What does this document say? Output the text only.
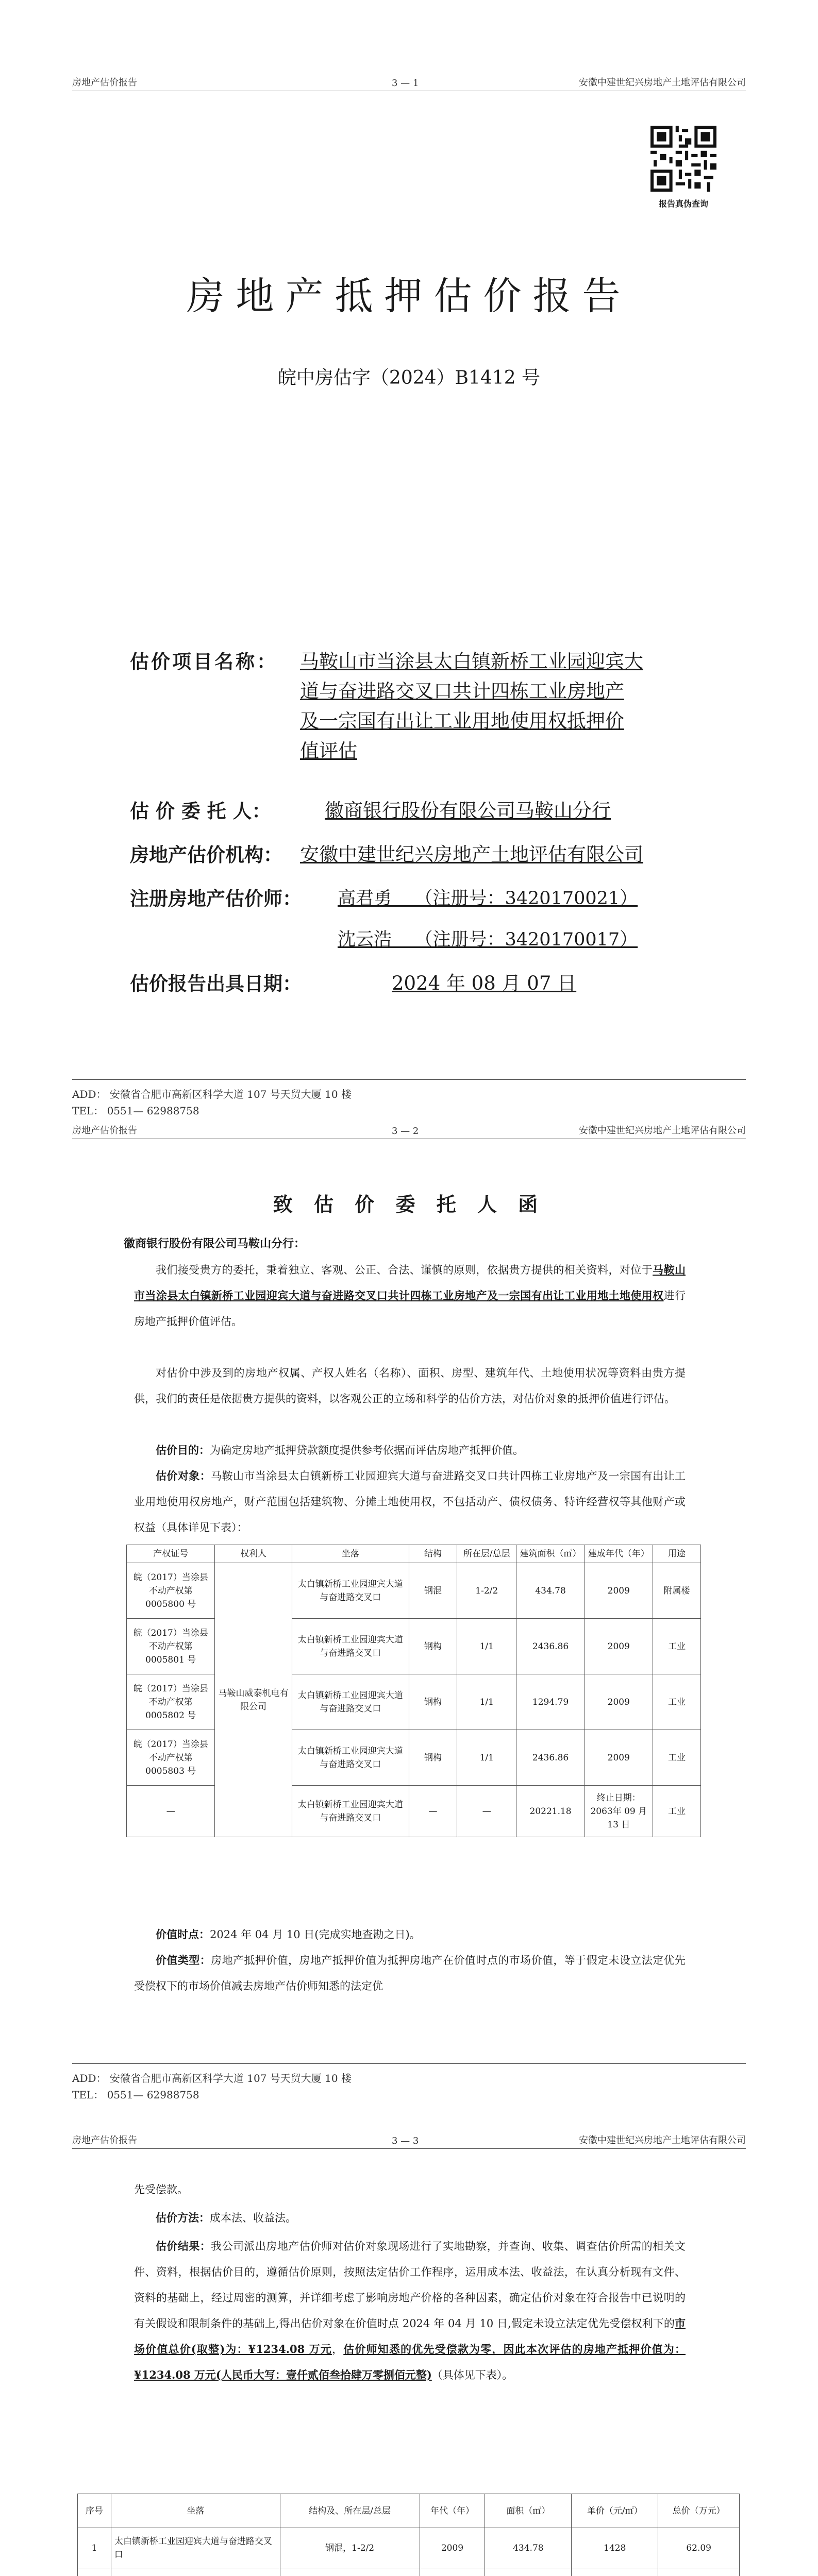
房地产估价报告	3 — 1	安徽中建世纪兴房地产土地评估有限公司
报告真伪查询
房地产抵押估价报告
皖中房估字（2024）B1412 号
估价项目名称： 马鞍山市当涂县太白镇新桥工业园迎宾大
道与奋进路交叉口共计四栋工业房地产
及一宗国有出让工业用地使用权抵押价
值评估
估 价 委 托 人：	徽商银行股份有限公司马鞍山分行
房地产估价机构： 安徽中建世纪兴房地产土地评估有限公司
注册房地产估价师： 高君勇    （注册号：3420170021）
沈云浩    （注册号：3420170017）
估价报告出具日期：	2024 年 08 月 07 日
ADD： 安徽省合肥市高新区科学大道 107 号天贸大厦 10 楼
TEL： 0551— 62988758
房地产估价报告	3 — 2	安徽中建世纪兴房地产土地评估有限公司
致 估 价 委 托 人 函
徽商银行股份有限公司马鞍山分行：
我们接受贵方的委托，秉着独立、客观、公正、合法、谨慎的原则，依据贵方提供的相关资料，对位于马鞍山市当涂县太白镇新桥工业园迎宾大道与奋进路交叉口共计四栋工业房地产及一宗国有出让工业用地土地使用权进行房地产抵押价值评估。
对估价中涉及到的房地产权属、产权人姓名（名称）、面积、房型、建筑年代、土地使用状况等资料由贵方提供，我们的责任是依据贵方提供的资料，以客观公正的立场和科学的估价方法，对估价对象的抵押价值进行评估。
估价目的：为确定房地产抵押贷款额度提供参考依据而评估房地产抵押价值。
估价对象：马鞍山市当涂县太白镇新桥工业园迎宾大道与奋进路交叉口共计四栋工业房地产及一宗国有出让工业用地使用权房地产，财产范围包括建筑物、分摊土地使用权，不包括动产、债权债务、特许经营权等其他财产或权益（具体详见下表）：
产权证号	权利人	坐落	结构	所在层/总层	建筑面积（㎡）	建成年代（年）	用途
皖（2017）当涂县不动产权第0005800 号	马鞍山威泰机电有限公司	太白镇新桥工业园迎宾大道与奋进路交叉口	钢混	1-2/2	434.78	2009	附属楼
皖（2017）当涂县不动产权第0005801 号		太白镇新桥工业园迎宾大道与奋进路交叉口	钢构	1/1	2436.86	2009	工业
皖（2017）当涂县不动产权第0005802 号		太白镇新桥工业园迎宾大道与奋进路交叉口	钢构	1/1	1294.79	2009	工业
皖（2017）当涂县不动产权第0005803 号		太白镇新桥工业园迎宾大道与奋进路交叉口	钢构	1/1	2436.86	2009	工业
—		太白镇新桥工业园迎宾大道与奋进路交叉口	—	—	20221.18	终止日期：2063年 09 月13 日	工业
价值时点：2024 年 04 月 10 日(完成实地查勘之日)。
价值类型：房地产抵押价值，房地产抵押价值为抵押房地产在价值时点的市场价值，等于假定未设立法定优先受偿权下的市场价值减去房地产估价师知悉的法定优
ADD： 安徽省合肥市高新区科学大道 107 号天贸大厦 10 楼
TEL： 0551— 62988758
房地产估价报告	3 — 3	安徽中建世纪兴房地产土地评估有限公司
先受偿款。
估价方法：成本法、收益法。
估价结果：我公司派出房地产估价师对估价对象现场进行了实地勘察，并查询、收集、调查估价所需的相关文件、资料，根据估价目的，遵循估价原则，按照法定估价工作程序，运用成本法、收益法，在认真分析现有文件、资料的基础上，经过周密的测算，并详细考虑了影响房地产价格的各种因素，确定估价对象在符合报告中已说明的有关假设和限制条件的基础上,得出估价对象在价值时点 2024 年 04 月 10 日,假定未设立法定优先受偿权利下的市场价值总价(取整)为：¥1234.08 万元，估价师知悉的优先受偿款为零，因此本次评估的房地产抵押价值为：¥1234.08 万元(人民币大写：壹仟贰佰叁拾肆万零捌佰元整)（具体见下表）。
序号	坐落	结构及、所在层/总层	年代（年）	面积（㎡）	单价（元/㎡）	总价（万元）
1	太白镇新桥工业园迎宾大道与奋进路交叉口	钢混，1-2/2	2009	434.78	1428	62.09
